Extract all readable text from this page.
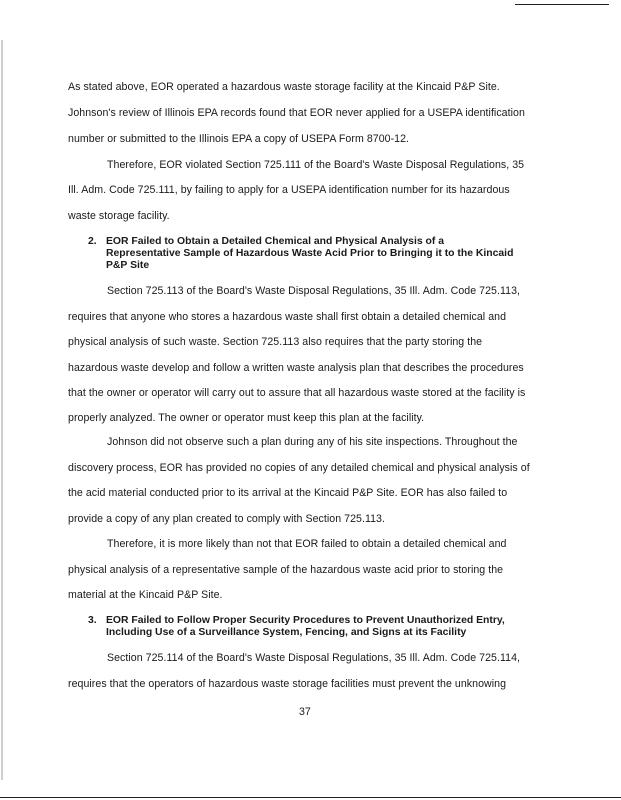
As stated above, EOR operated a hazardous waste storage facility at the Kincaid P&P Site.
Johnson's review of Illinois EPA records found that EOR never applied for a USEPA identification
number or submitted to the Illinois EPA a copy of USEPA Form 8700-12.
Therefore, EOR violated Section 725.111 of the Board's Waste Disposal Regulations, 35
Ill. Adm. Code 725.111, by failing to apply for a USEPA identification number for its hazardous
waste storage facility.
2. EOR Failed to Obtain a Detailed Chemical and Physical Analysis of a
Representative Sample of Hazardous Waste Acid Prior to Bringing it to the Kincaid
P&P Site
Section 725.113 of the Board's Waste Disposal Regulations, 35 Ill. Adm. Code 725.113,
requires that anyone who stores a hazardous waste shall first obtain a detailed chemical and
physical analysis of such waste. Section 725.113 also requires that the party storing the
hazardous waste develop and follow a written waste analysis plan that describes the procedures
that the owner or operator will carry out to assure that all hazardous waste stored at the facility is
properly analyzed. The owner or operator must keep this plan at the facility.
Johnson did not observe such a plan during any of his site inspections. Throughout the
discovery process, EOR has provided no copies of any detailed chemical and physical analysis of
the acid material conducted prior to its arrival at the Kincaid P&P Site. EOR has also failed to
provide a copy of any plan created to comply with Section 725.113.
Therefore, it is more likely than not that EOR failed to obtain a detailed chemical and
physical analysis of a representative sample of the hazardous waste acid prior to storing the
material at the Kincaid P&P Site.
3. EOR Failed to Follow Proper Security Procedures to Prevent Unauthorized Entry,
Including Use of a Surveillance System, Fencing, and Signs at its Facility
Section 725.114 of the Board's Waste Disposal Regulations, 35 Ill. Adm. Code 725.114,
requires that the operators of hazardous waste storage facilities must prevent the unknowing
37
